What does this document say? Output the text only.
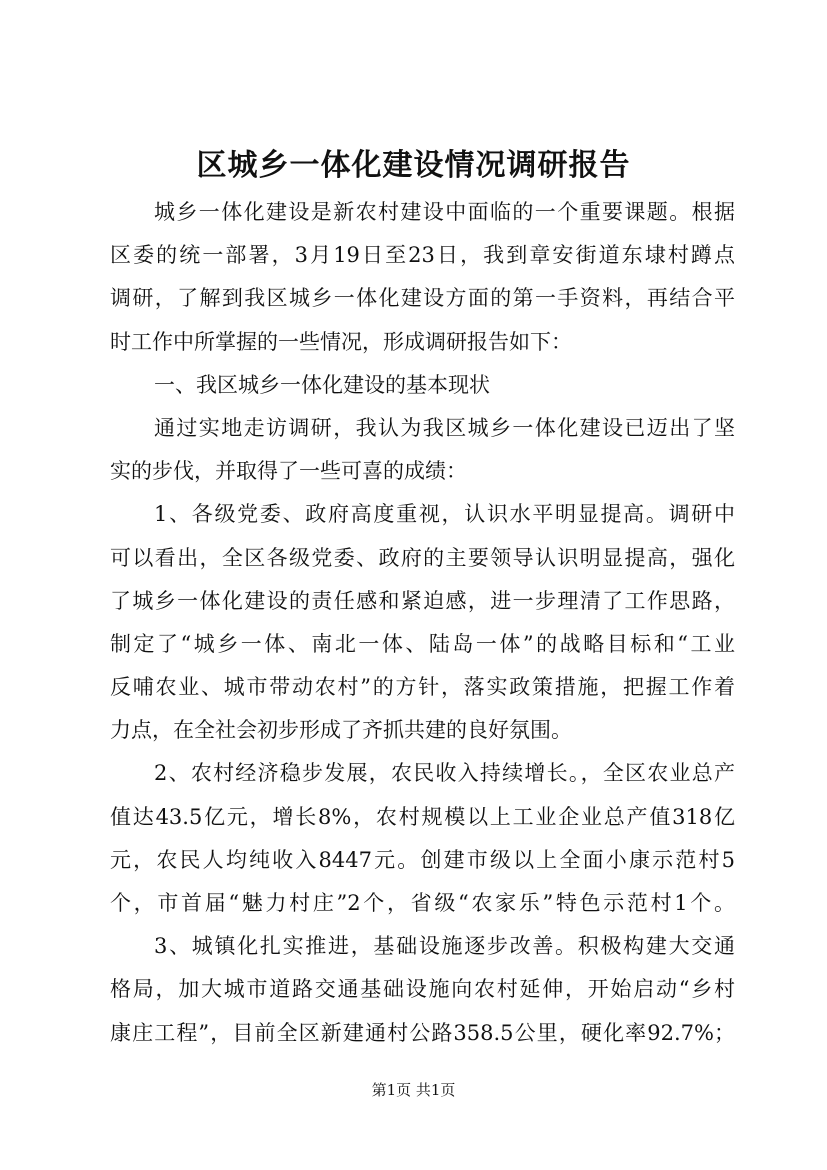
区城乡一体化建设情况调研报告
城乡一体化建设是新农村建设中面临的一个重要课题。根据
区委的统一部署，3月19日至23日，我到章安街道东埭村蹲点
调研，了解到我区城乡一体化建设方面的第一手资料，再结合平
时工作中所掌握的一些情况，形成调研报告如下：
一、我区城乡一体化建设的基本现状
通过实地走访调研，我认为我区城乡一体化建设已迈出了坚
实的步伐，并取得了一些可喜的成绩：
1、各级党委、政府高度重视，认识水平明显提高。调研中
可以看出，全区各级党委、政府的主要领导认识明显提高，强化
了城乡一体化建设的责任感和紧迫感，进一步理清了工作思路，
制定了“城乡一体、南北一体、陆岛一体”的战略目标和“工业
反哺农业、城市带动农村”的方针，落实政策措施，把握工作着
力点，在全社会初步形成了齐抓共建的良好氛围。
2、农村经济稳步发展，农民收入持续增长。，全区农业总产
值达43.5亿元，增长8%，农村规模以上工业企业总产值318亿
元，农民人均纯收入8447元。创建市级以上全面小康示范村5
个，市首届“魅力村庄”2个，省级“农家乐”特色示范村1个。
3、城镇化扎实推进，基础设施逐步改善。积极构建大交通
格局，加大城市道路交通基础设施向农村延伸，开始启动“乡村
康庄工程”，目前全区新建通村公路358.5公里，硬化率92.7%；
第1页 共1页
